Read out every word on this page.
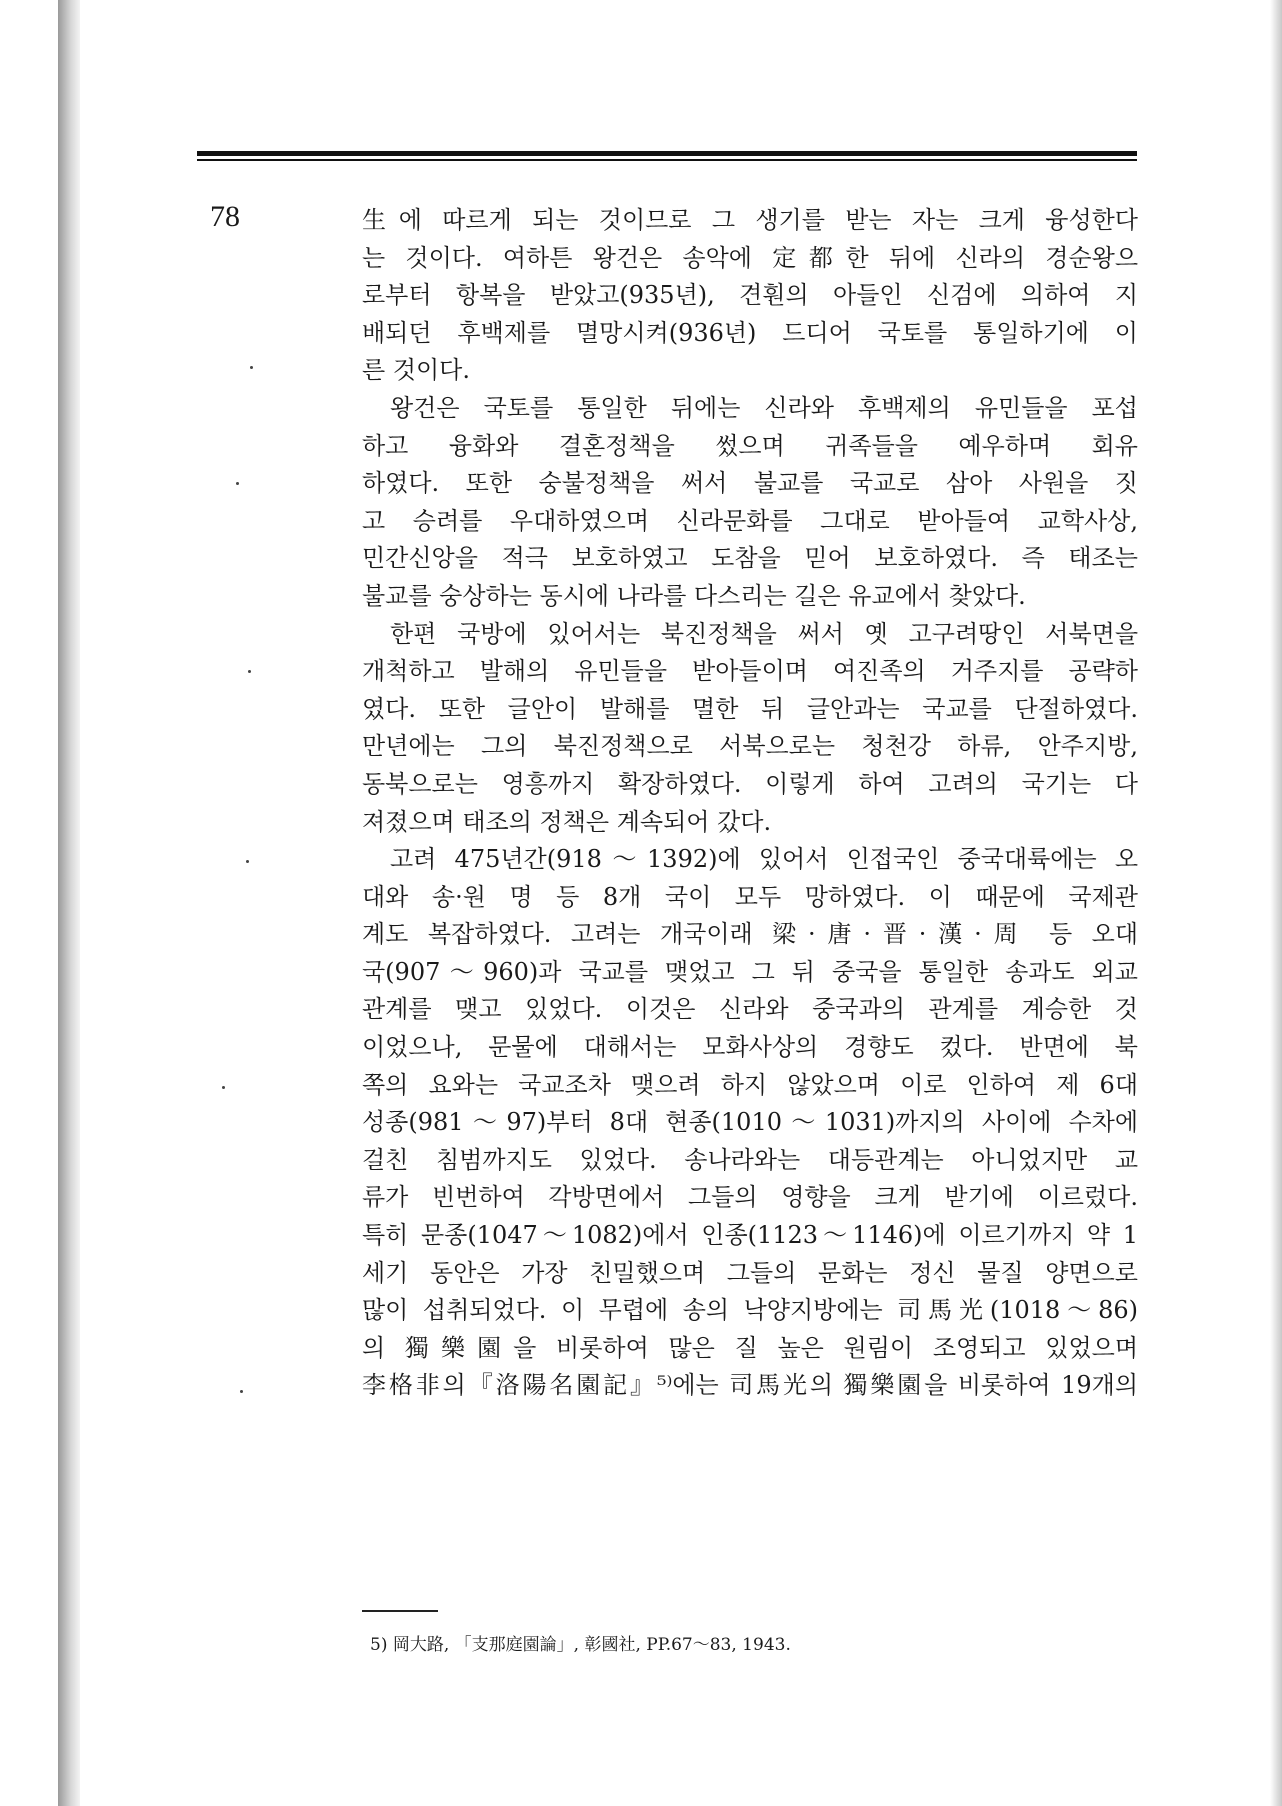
78	生에 따르게 되는 것이므로 그 생기를 받는 자는 크게 융성한다
는 것이다. 여하튼 왕건은 송악에 定都한 뒤에 신라의 경순왕으
로부터 항복을 받았고(935년), 견훤의 아들인 신검에 의하여 지
배되던 후백제를 멸망시켜(936년) 드디어 국토를 통일하기에 이
른 것이다.
왕건은 국토를 통일한 뒤에는 신라와 후백제의 유민들을 포섭
하고 융화와 결혼정책을 썼으며 귀족들을 예우하며 회유
하였다. 또한 숭불정책을 써서 불교를 국교로 삼아 사원을 짓
고 승려를 우대하였으며 신라문화를 그대로 받아들여 교학사상,
민간신앙을 적극 보호하였고 도참을 믿어 보호하였다. 즉 태조는
불교를 숭상하는 동시에 나라를 다스리는 길은 유교에서 찾았다.
한편 국방에 있어서는 북진정책을 써서 옛 고구려땅인 서북면을
개척하고 발해의 유민들을 받아들이며 여진족의 거주지를 공략하
였다. 또한 글안이 발해를 멸한 뒤 글안과는 국교를 단절하였다.
만년에는 그의 북진정책으로 서북으로는 청천강 하류, 안주지방,
동북으로는 영흥까지 확장하였다. 이렇게 하여 고려의 국기는 다
져졌으며 태조의 정책은 계속되어 갔다.
고려 475년간(918～1392)에 있어서 인접국인 중국대륙에는 오
대와 송·원 명 등 8개 국이 모두 망하였다. 이 때문에 국제관
계도 복잡하였다. 고려는 개국이래 梁·唐·晋·漢·周 등 오대
국(907～960)과 국교를 맺었고 그 뒤 중국을 통일한 송과도 외교
관계를 맺고 있었다. 이것은 신라와 중국과의 관계를 계승한 것
이었으나, 문물에 대해서는 모화사상의 경향도 컸다. 반면에 북
쪽의 요와는 국교조차 맺으려 하지 않았으며 이로 인하여 제 6대
성종(981～97)부터 8대 현종(1010～1031)까지의 사이에 수차에
걸친 침범까지도 있었다. 송나라와는 대등관계는 아니었지만 교
류가 빈번하여 각방면에서 그들의 영향을 크게 받기에 이르렀다.
특히 문종(1047～1082)에서 인종(1123～1146)에 이르기까지 약 1
세기 동안은 가장 친밀했으며 그들의 문화는 정신 물질 양면으로
많이 섭취되었다. 이 무렵에 송의 낙양지방에는 司馬光(1018～86)
의 獨樂園을 비롯하여 많은 질 높은 원림이 조영되고 있었으며
李格非의『洛陽名園記』⁵⁾에는 司馬光의 獨樂園을 비롯하여 19개의
5) 岡大路, 「支那庭園論」, 彰國社, PP.67～83, 1943.
